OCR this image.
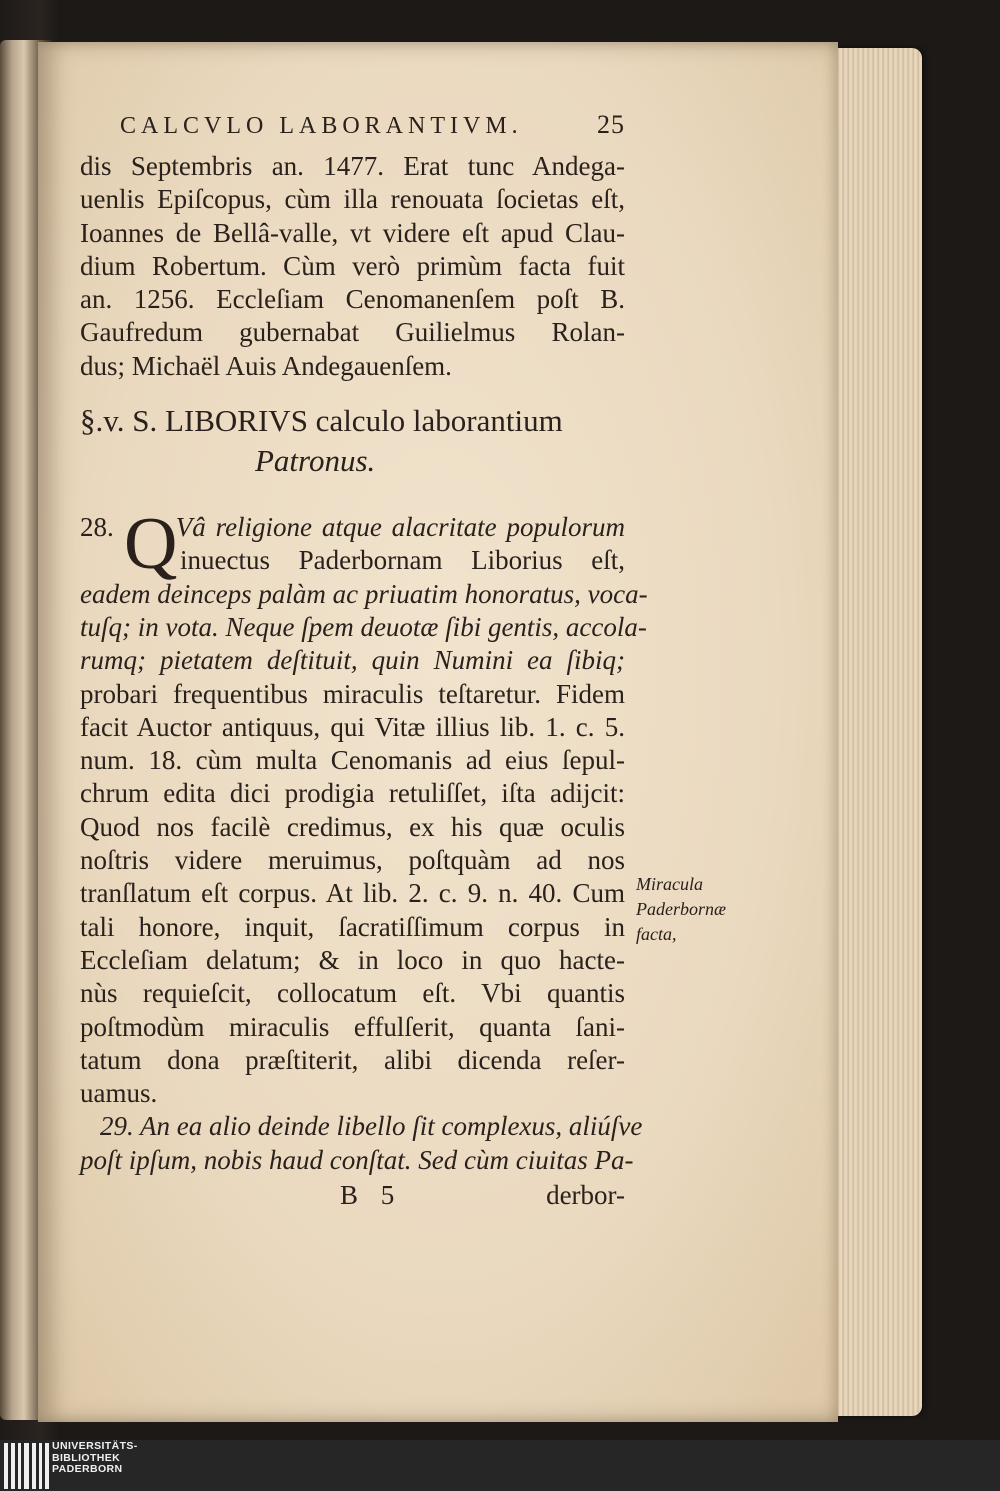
CALCVLO LABORANTIVM.	25
dis Septembris an. 1477. Erat tunc Andega-
uenlis Epiſcopus, cùm illa renouata ſocietas eſt,
Ioannes de Bellâ-valle, vt videre eſt apud Clau-
dium Robertum. Cùm verò primùm facta fuit
an. 1256. Eccleſiam Cenomanenſem poſt B.
Gaufredum gubernabat Guilielmus Rolan-
dus; Michaël Auis Andegauenſem.
§.v. S. LIBORIVS calculo laborantium
Patronus.
Q
28. Vâ religione atque alacritate populorum
inuectus Paderbornam Liborius eſt,
eadem deinceps palàm ac priuatim honoratus, voca-
tuſq; in vota. Neque ſpem deuotæ ſibi gentis, accola-
rumq; pietatem deſtituit, quin Numini ea ſibiq;
probari frequentibus miraculis teſtaretur. Fidem
facit Auctor antiquus, qui Vitæ illius lib. 1. c. 5.
num. 18. cùm multa Cenomanis ad eius ſepul-
chrum edita dici prodigia retuliſſet, iſta adijcit:
Quod nos facilè credimus, ex his quæ oculis
noſtris videre meruimus, poſtquàm ad nos
tranſlatum eſt corpus. At lib. 2. c. 9. n. 40. Cum
tali honore, inquit, ſacratiſſimum corpus in
Eccleſiam delatum; & in loco in quo hacte-
nùs requieſcit, collocatum eſt. Vbi quantis
poſtmodùm miraculis effulſerit, quanta ſani-
tatum dona præſtiterit, alibi dicenda reſer-
uamus.
29. An ea alio deinde libello ſit complexus, aliúſve
poſt ipſum, nobis haud conſtat. Sed cùm ciuitas Pa-
B 5	derbor-
Miracula
Paderbornæ
facta,
UNIVERSITÄTS-
BIBLIOTHEK
PADERBORN
